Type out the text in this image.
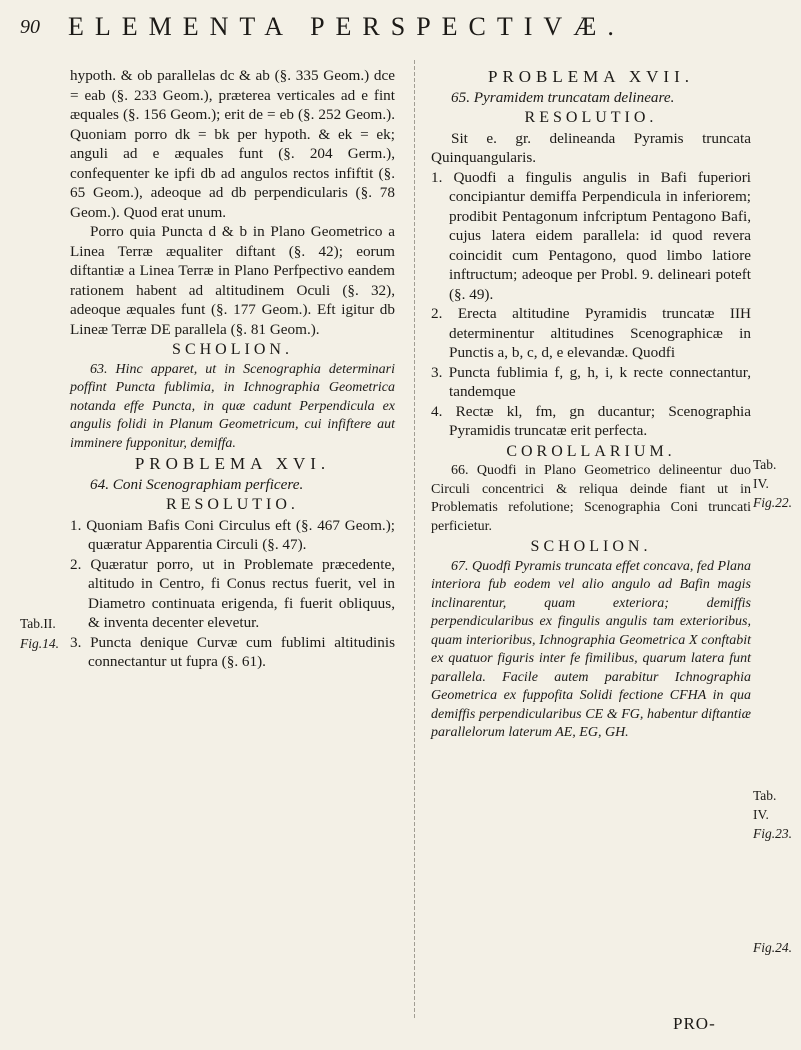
90 ELEMENTA PERSPECTIVÆ.
Tab.II.
Fig.14.

hypoth. & ob parallelas dc & ab (§. 335 Geom.) dce = eab (§. 233 Geom.), præterea verticales ad e fint æquales (§. 156 Geom.); erit de = eb (§. 252 Geom.). Quoniam porro dk = bk per hypoth. & ek = ek; anguli ad e æquales funt (§. 204 Germ.), confequenter ke ipfi db ad angulos rectos infiftit (§. 65 Geom.), adeoque ad db perpendicularis (§. 78 Geom.). Quod erat unum.

Porro quia Puncta d & b in Plano Geometrico a Linea Terræ æqualiter diftant (§. 42); eorum diftantiæ a Linea Terræ in Plano Perfpectivo eandem rationem habent ad altitudinem Oculi (§. 32), adeoque æquales funt (§. 177 Geom.). Eft igitur db Lineæ Terræ DE parallela (§. 81 Geom.).

SCHOLION.

63. Hinc apparet, ut in Scenographia determinari poffint Puncta fublimia, in Ichnographia Geometrica notanda effe Puncta, in quæ cadunt Perpendicula ex angulis folidi in Planum Geometricum, cui infiftere aut imminere fupponitur, demiffa.

PROBLEMA XVI.

64. Coni Scenographiam perficere.

RESOLUTIO.

1. Quoniam Bafis Coni Circulus eft (§. 467 Geom.); quæratur Apparentia Circuli (§. 47).

2. Quæratur porro, ut in Problemate præcedente, altitudo in Centro, fi Conus rectus fuerit, vel in Diametro continuata erigenda, fi fuerit obliquus, & inventa decenter elevetur.

3. Puncta denique Curvæ cum fublimi altitudinis connectantur ut fupra (§. 61).

PROBLEMA XVII.

65. Pyramidem truncatam delineare.

RESOLUTIO.

Sit e. gr. delineanda Pyramis truncata Quinquangularis.

1. Quodfi a fingulis angulis in Bafi fuperiori concipiantur demiffa Perpendicula in inferiorem; prodibit Pentagonum infcriptum Pentagono Bafi, cujus latera eidem parallela: id quod revera coincidit cum Pentagono, quod limbo latiore inftructum; adeoque per Probl. 9. delineari poteft (§. 49).

2. Erecta altitudine Pyramidis truncatæ IIH determinentur altitudines Scenographicæ in Punctis a, b, c, d, e elevandæ. Quodfi

3. Puncta fublimia f, g, h, i, k recte connectantur, tandemque

4. Rectæ kl, fm, gn ducantur; Scenographia Pyramidis truncatæ erit perfecta.

COROLLARIUM.

66. Quodfi in Plano Geometrico delineentur duo Circuli concentrici & reliqua deinde fiant ut in Problematis refolutione; Scenographia Coni truncati perficietur.

SCHOLION.

67. Quodfi Pyramis truncata effet concava, fed Plana interiora fub eodem vel alio angulo ad Bafin magis inclinarentur, quam exteriora; demiffis perpendicularibus ex fingulis angulis tam exterioribus, quam interioribus, Ichnographia Geometrica X conftabit ex quatuor figuris inter fe fimilibus, quarum latera funt parallela. Facile autem parabitur Ichnographia Geometrica ex fuppofita Solidi fectione CFHA in qua demiffis perpendicularibus CE & FG, habentur diftantiæ parallelorum laterum AE, EG, GH.

Tab.
IV.
Fig.22.
Tab.
IV.
Fig.23.
Fig.24.
PRO-
